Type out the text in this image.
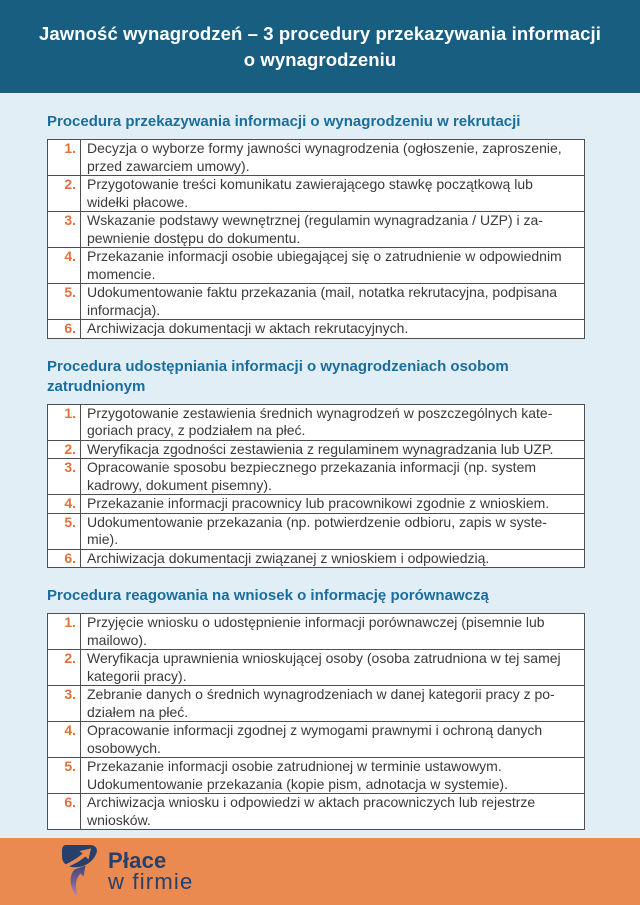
Jawność wynagrodzeń – 3 procedury przekazywania informacji
o wynagrodzeniu
Procedura przekazywania informacji o wynagrodzeniu w rekrutacji
1.	Decyzja o wyborze formy jawności wynagrodzenia (ogłoszenie, zaproszenie,
przed zawarciem umowy).

2.	Przygotowanie treści komunikatu zawierającego stawkę początkową lub
widełki płacowe.

3.	Wskazanie podstawy wewnętrznej (regulamin wynagradzania / UZP) i za-
pewnienie dostępu do dokumentu.

4.	Przekazanie informacji osobie ubiegającej się o zatrudnienie w odpowiednim
momencie.

5.	Udokumentowanie faktu przekazania (mail, notatka rekrutacyjna, podpisana
informacja).

6.	Archiwizacja dokumentacji w aktach rekrutacyjnych.
Procedura udostępniania informacji o wynagrodzeniach osobom zatrudnionym
1.	Przygotowanie zestawienia średnich wynagrodzeń w poszczególnych kate-
goriach pracy, z podziałem na płeć.

2.	Weryfikacja zgodności zestawienia z regulaminem wynagradzania lub UZP.

3.	Opracowanie sposobu bezpiecznego przekazania informacji (np. system
kadrowy, dokument pisemny).

4.	Przekazanie informacji pracownicy lub pracownikowi zgodnie z wnioskiem.

5.	Udokumentowanie przekazania (np. potwierdzenie odbioru, zapis w syste-
mie).

6.	Archiwizacja dokumentacji związanej z wnioskiem i odpowiedzią.
Procedura reagowania na wniosek o informację porównawczą
1.	Przyjęcie wniosku o udostępnienie informacji porównawczej (pisemnie lub
mailowo).

2.	Weryfikacja uprawnienia wnioskującej osoby (osoba zatrudniona w tej samej
kategorii pracy).

3.	Zebranie danych o średnich wynagrodzeniach w danej kategorii pracy z po-
działem na płeć.

4.	Opracowanie informacji zgodnej z wymogami prawnymi i ochroną danych
osobowych.

5.	Przekazanie informacji osobie zatrudnionej w terminie ustawowym.
Udokumentowanie przekazania (kopie pism, adnotacja w systemie).

6.	Archiwizacja wniosku i odpowiedzi w aktach pracowniczych lub rejestrze
wniosków.
Płace
w firmie
